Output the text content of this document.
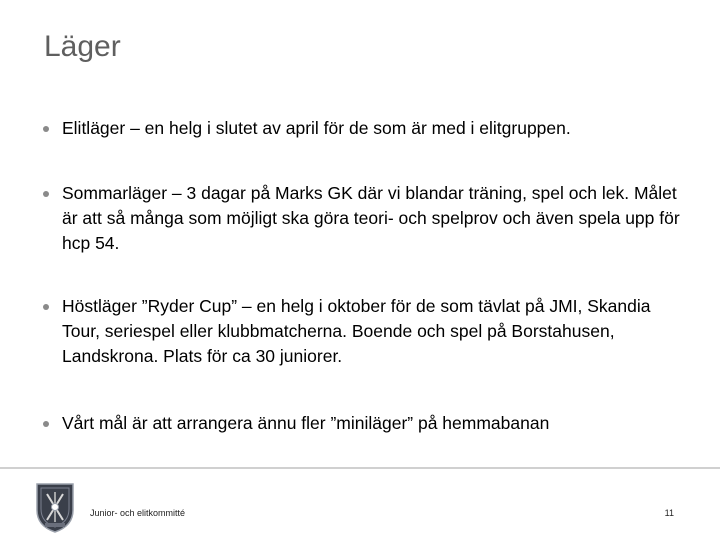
Läger
Elitläger – en helg i slutet av april för de som är med i elitgruppen.
Sommarläger – 3 dagar på Marks GK där vi blandar träning, spel och lek. Målet är att så många som möjligt ska göra teori- och spelprov och även spela upp för hcp 54.
Höstläger ”Ryder Cup” – en helg i oktober för de som tävlat på JMI, Skandia Tour, seriespel eller klubbmatcherna. Boende och spel på Borstahusen, Landskrona. Plats för ca 30 juniorer.
Vårt mål är att arrangera ännu fler ”miniläger” på hemmabanan
Junior- och elitkommitté	11
